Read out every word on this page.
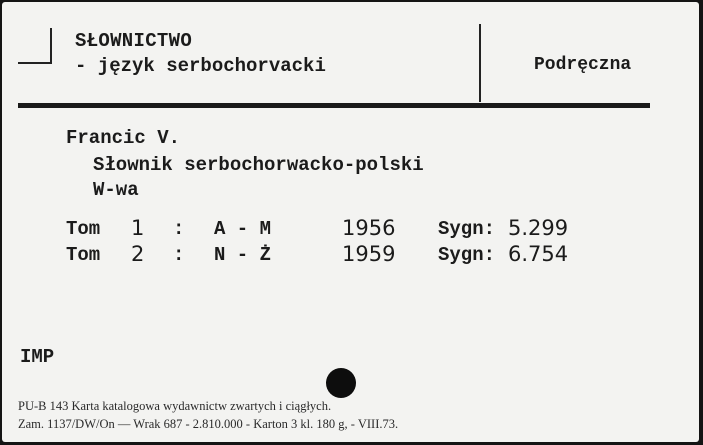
SŁOWNICTWO
- język serbochorvacki	Podręczna
Francic V.
Słownik serbochorwacko-polski
W-wa
Tom 1 : A - M	1956 Sygn: 5.299
Tom 2 : N - Ż	1959 Sygn: 6.754
IMP
PU-B 143 Karta katalogowa wydawnictw zwartych i ciągłych.
Zam. 1137/DW/On — Wrak 687 - 2.810.000 - Karton 3 kl. 180 g, - VIII.73.
